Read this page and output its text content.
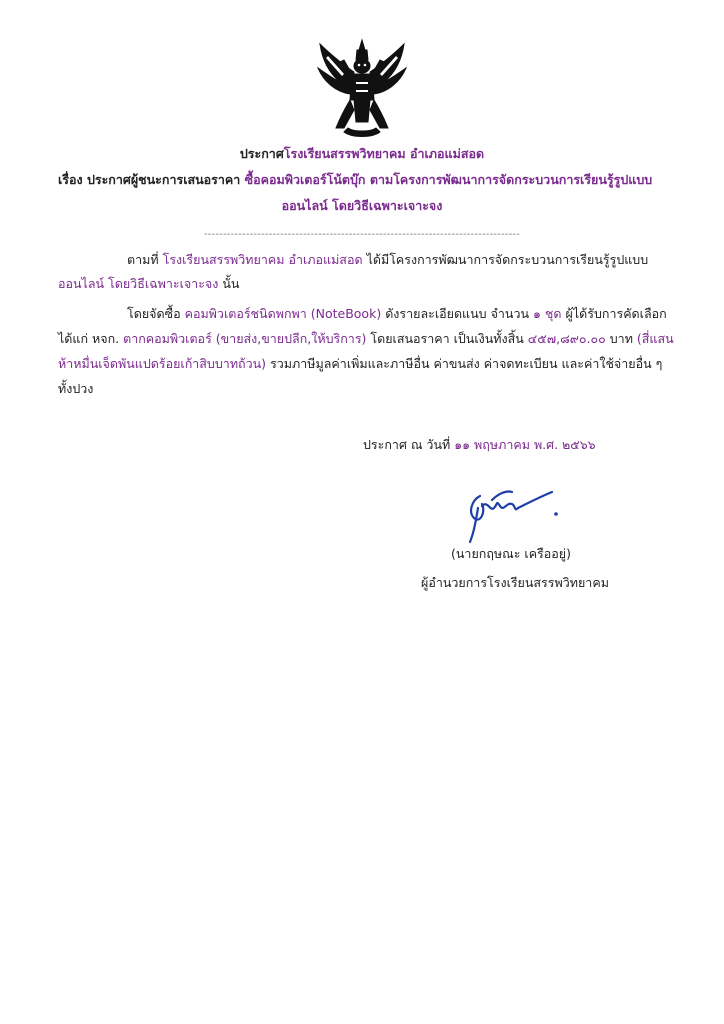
ประกาศโรงเรียนสรรพวิทยาคม อำเภอแม่สอด
เรื่อง ประกาศผู้ชนะการเสนอราคา ซื้อคอมพิวเตอร์โน้ตบุ๊ก ตามโครงการพัฒนาการจัดกระบวนการเรียนรู้รูปแบบ
ออนไลน์ โดยวิธีเฉพาะเจาะจง
-----------------------------------------------------------------------------------
ตามที่ โรงเรียนสรรพวิทยาคม อำเภอแม่สอด ได้มีโครงการพัฒนาการจัดกระบวนการเรียนรู้รูปแบบ
ออนไลน์ โดยวิธีเฉพาะเจาะจง นั้น
โดยจัดซื้อ คอมพิวเตอร์ชนิดพกพา (NoteBook) ดังรายละเอียดแนบ จำนวน ๑ ชุด ผู้ได้รับการคัดเลือก
ได้แก่ หจก. ตากคอมพิวเตอร์ (ขายส่ง,ขายปลีก,ให้บริการ) โดยเสนอราคา เป็นเงินทั้งสิ้น ๔๕๗,๘๙๐.๐๐ บาท (สี่แสน
ห้าหมื่นเจ็ดพันแปดร้อยเก้าสิบบาทถ้วน) รวมภาษีมูลค่าเพิ่มและภาษีอื่น ค่าขนส่ง ค่าจดทะเบียน และค่าใช้จ่ายอื่น ๆ
ทั้งปวง
ประกาศ ณ วันที่ ๑๑ พฤษภาคม พ.ศ. ๒๕๖๖
(นายกฤษณะ เครืออยู่)
ผู้อำนวยการโรงเรียนสรรพวิทยาคม
